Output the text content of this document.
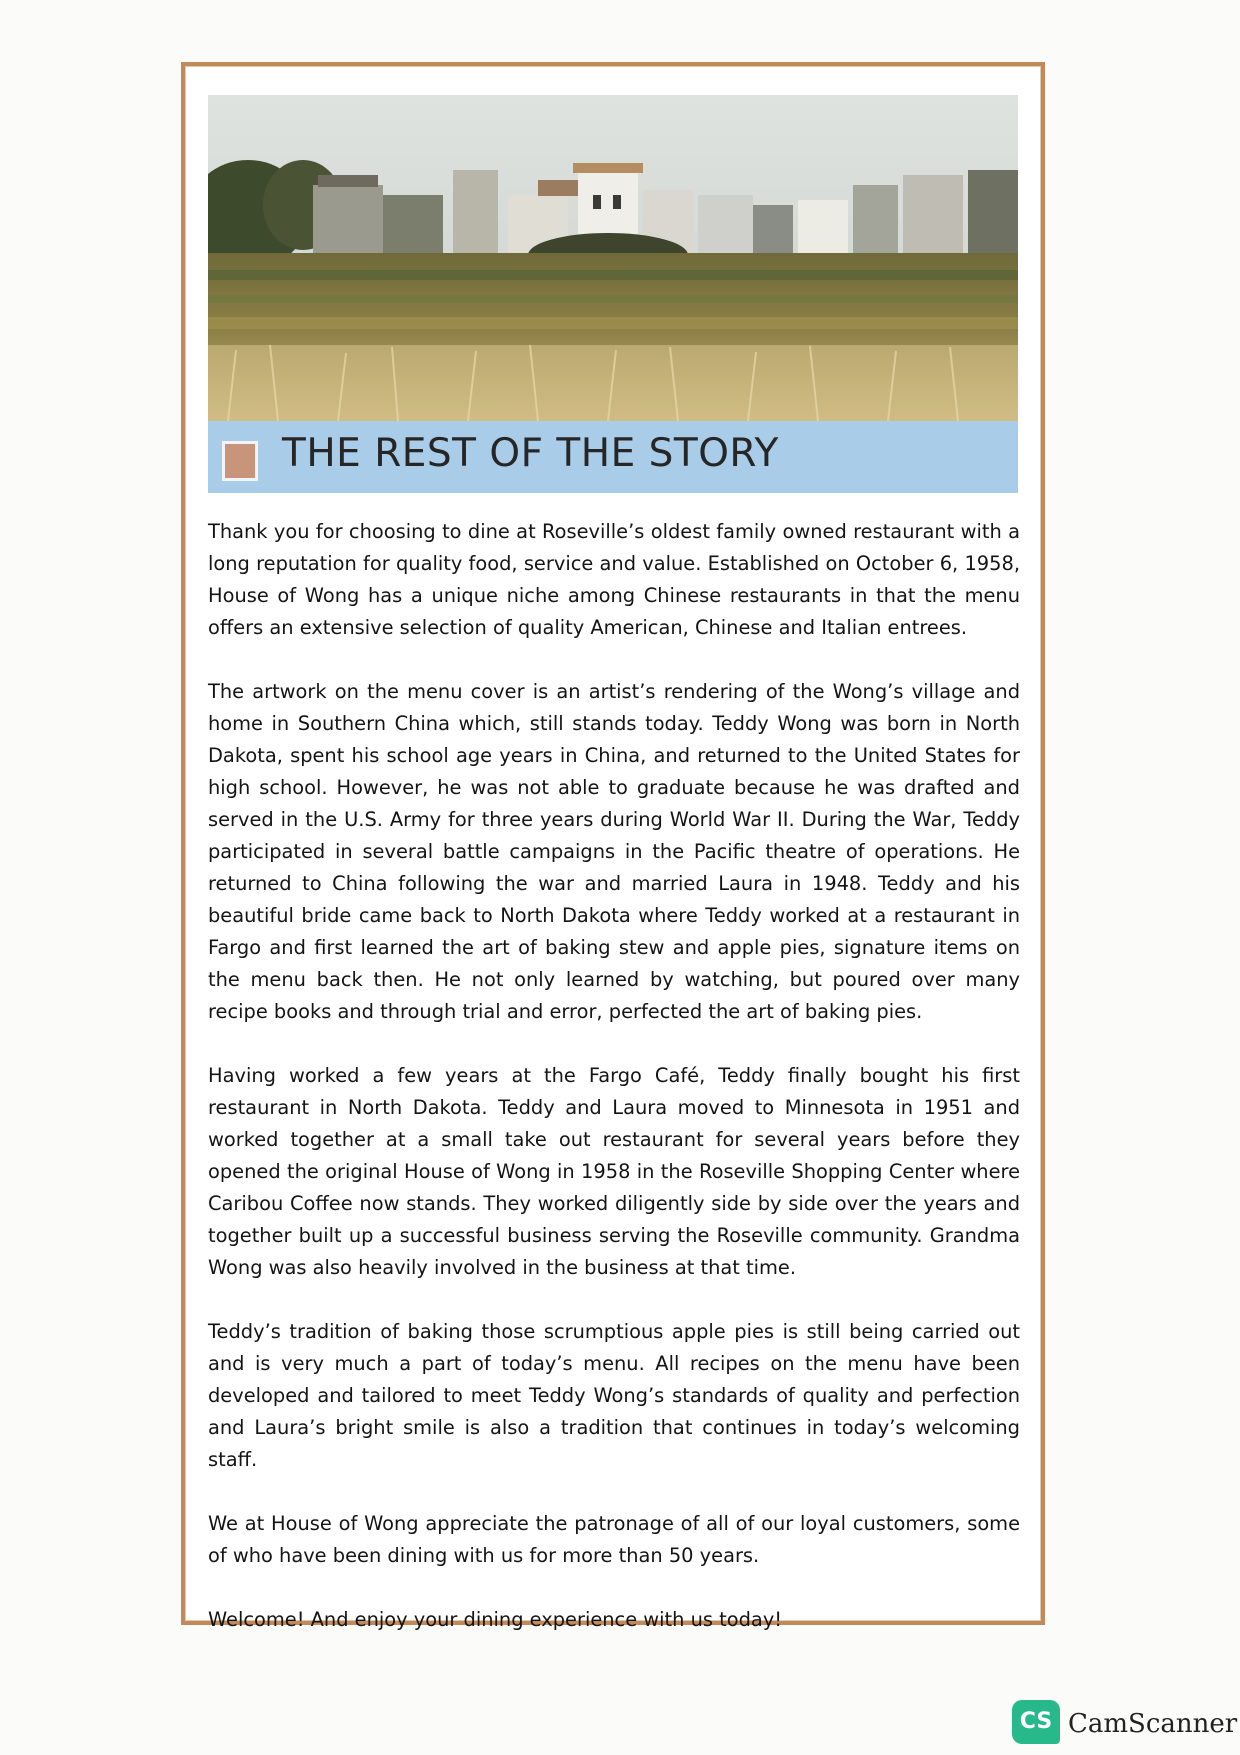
THE REST OF THE STORY

Thank you for choosing to dine at Roseville’s oldest family owned restaurant with a long reputation for quality food, service and value. Established on October 6, 1958, House of Wong has a unique niche among Chinese restaurants in that the menu offers an extensive selection of quality American, Chinese and Italian entrees.

The artwork on the menu cover is an artist’s rendering of the Wong’s village and home in Southern China which, still stands today. Teddy Wong was born in North Dakota, spent his school age years in China, and returned to the United States for high school. However, he was not able to graduate because he was drafted and served in the U.S. Army for three years during World War II. During the War, Teddy participated in several battle campaigns in the Pacific theatre of operations. He returned to China following the war and married Laura in 1948. Teddy and his beautiful bride came back to North Dakota where Teddy worked at a restaurant in Fargo and first learned the art of baking stew and apple pies, signature items on the menu back then. He not only learned by watching, but poured over many recipe books and through trial and error, perfected the art of baking pies.

Having worked a few years at the Fargo Café, Teddy finally bought his first restaurant in North Dakota. Teddy and Laura moved to Minnesota in 1951 and worked together at a small take out restaurant for several years before they opened the original House of Wong in 1958 in the Roseville Shopping Center where Caribou Coffee now stands. They worked diligently side by side over the years and together built up a successful business serving the Roseville community. Grandma Wong was also heavily involved in the business at that time.

Teddy’s tradition of baking those scrumptious apple pies is still being carried out and is very much a part of today’s menu. All recipes on the menu have been developed and tailored to meet Teddy Wong’s standards of quality and perfection and Laura’s bright smile is also a tradition that continues in today’s welcoming staff.

We at House of Wong appreciate the patronage of all of our loyal customers, some of who have been dining with us for more than 50 years.

Welcome! And enjoy your dining experience with us today!

CS CamScanner
